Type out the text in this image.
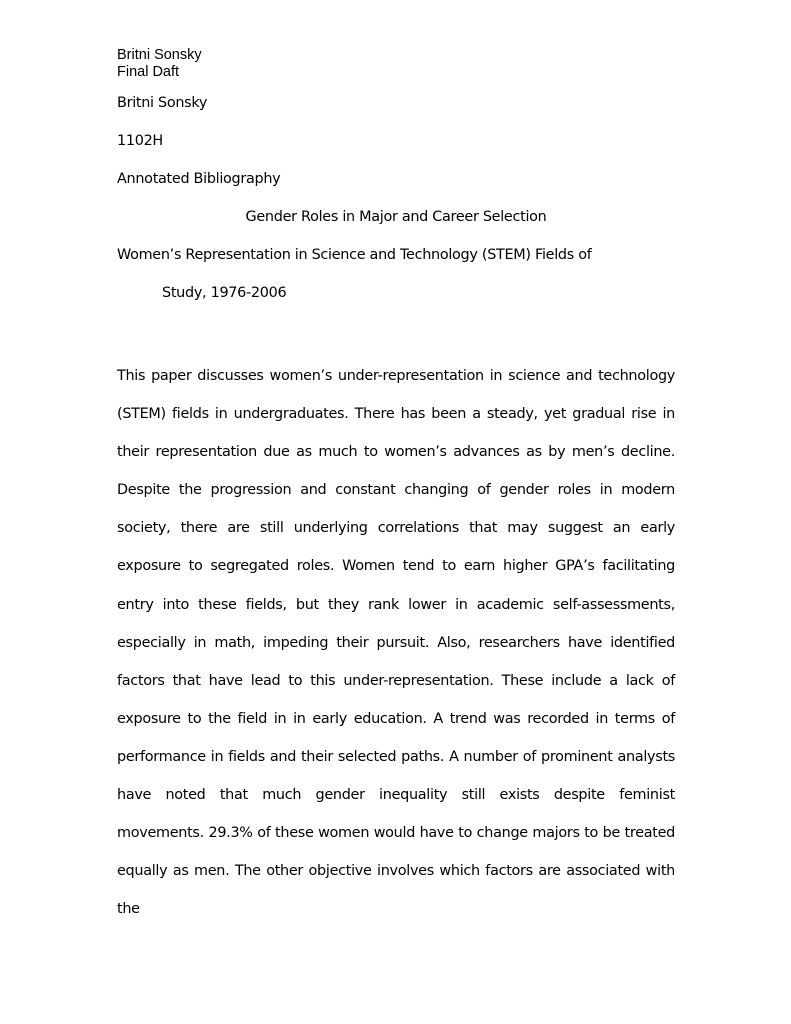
Britni Sonsky
Final Daft
Britni Sonsky
1102H
Annotated Bibliography
Gender Roles in Major and Career Selection
Women’s Representation in Science and Technology (STEM) Fields of
Study, 1976-2006
This paper discusses women’s under-representation in science and technology (STEM) fields in undergraduates. There has been a steady, yet gradual rise in their representation due as much to women’s advances as by men’s decline. Despite the progression and constant changing of gender roles in modern society, there are still underlying correlations that may suggest an early exposure to segregated roles. Women tend to earn higher GPA’s facilitating entry into these fields, but they rank lower in academic self-assessments, especially in math, impeding their pursuit. Also, researchers have identified factors that have lead to this under-representation. These include a lack of exposure to the field in in early education. A trend was recorded in terms of performance in fields and their selected paths. A number of prominent analysts have noted that much gender inequality still exists despite feminist movements. 29.3% of these women would have to change majors to be treated equally as men. The other objective involves which factors are associated with the
